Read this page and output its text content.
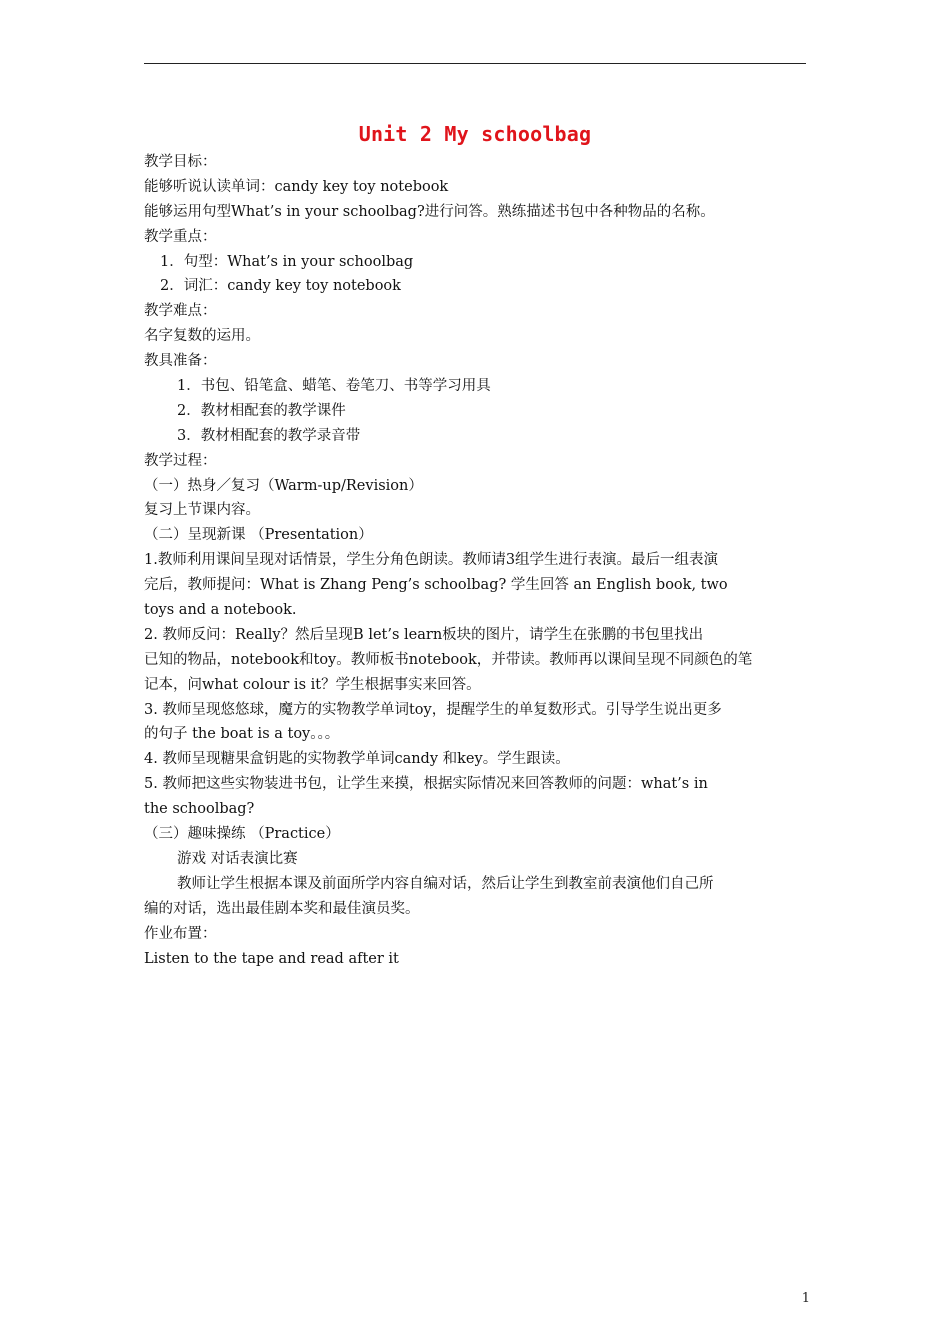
Unit 2 My schoolbag
教学目标：
能够听说认读单词：candy key toy notebook
能够运用句型What’s in your schoolbag?进行问答。熟练描述书包中各种物品的名称。
教学重点：
1．句型：What’s in your schoolbag
2．词汇：candy key toy notebook
教学难点：
名字复数的运用。
教具准备：
1．书包、铅笔盒、蜡笔、卷笔刀、书等学习用具
2．教材相配套的教学课件
3．教材相配套的教学录音带
教学过程：
（一）热身／复习（Warm-up/Revision）
复习上节课内容。
（二）呈现新课 （Presentation）
1.教师利用课间呈现对话情景，学生分角色朗读。教师请3组学生进行表演。最后一组表演
完后，教师提问：What is Zhang Peng’s schoolbag? 学生回答 an English book, two
toys and a notebook.
2. 教师反问：Really？然后呈现B let’s learn板块的图片，请学生在张鹏的书包里找出
已知的物品，notebook和toy。教师板书notebook，并带读。教师再以课间呈现不同颜色的笔
记本，问what colour is it？学生根据事实来回答。
3. 教师呈现悠悠球，魔方的实物教学单词toy，提醒学生的单复数形式。引导学生说出更多
的句子 the boat is a toy。。。
4. 教师呈现糖果盒钥匙的实物教学单词candy 和key。学生跟读。
5. 教师把这些实物装进书包，让学生来摸，根据实际情况来回答教师的问题：what’s in
the schoolbag?
（三）趣味操练 （Practice）
游戏 对话表演比赛
教师让学生根据本课及前面所学内容自编对话，然后让学生到教室前表演他们自己所
编的对话，选出最佳剧本奖和最佳演员奖。
作业布置：
Listen to the tape and read after it
1
